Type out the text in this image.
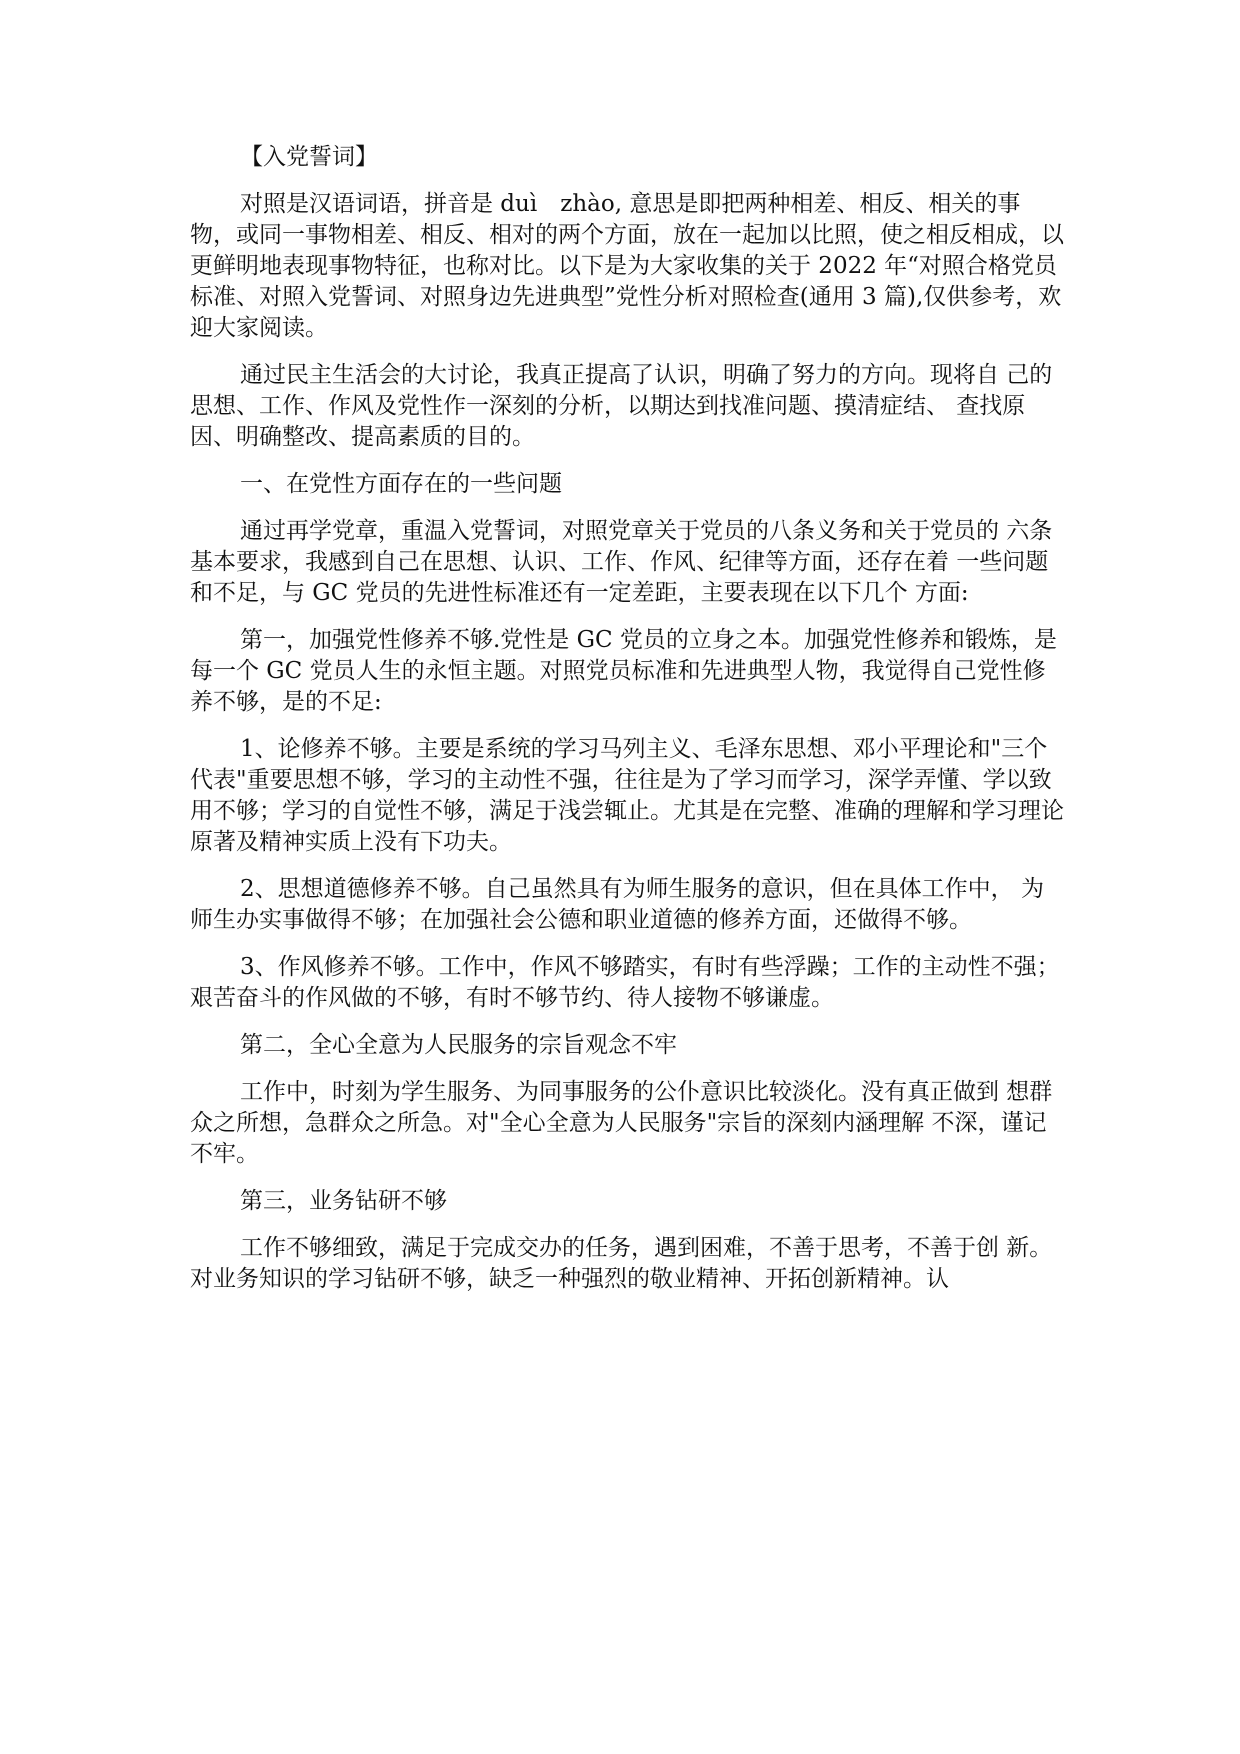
【入党誓词】

对照是汉语词语，拼音是 duì　zhào, 意思是即把两种相差、相反、相关的事物，或同一事物相差、相反、相对的两个方面，放在一起加以比照，使之相反相成，以更鲜明地表现事物特征，也称对比。以下是为大家收集的关于 2022 年“对照合格党员标准、对照入党誓词、对照身边先进典型”党性分析对照检查(通用 3 篇),仅供参考，欢迎大家阅读。

通过民主生活会的大讨论，我真正提高了认识，明确了努力的方向。现将自 己的思想、工作、作风及党性作一深刻的分析，以期达到找准问题、摸清症结、 查找原因、明确整改、提高素质的目的。

一、在党性方面存在的一些问题

通过再学党章，重温入党誓词，对照党章关于党员的八条义务和关于党员的 六条基本要求，我感到自己在思想、认识、工作、作风、纪律等方面，还存在着 一些问题和不足，与 GC 党员的先进性标准还有一定差距，主要表现在以下几个 方面:

第一，加强党性修养不够.党性是 GC 党员的立身之本。加强党性修养和锻炼，是每一个 GC 党员人生的永恒主题。对照党员标准和先进典型人物，我觉得自己党性修养不够，是的不足:

1、论修养不够。主要是系统的学习马列主义、毛泽东思想、邓小平理论和"三个代表"重要思想不够，学习的主动性不强，往往是为了学习而学习，深学弄懂、学以致用不够；学习的自觉性不够，满足于浅尝辄止。尤其是在完整、准确的理解和学习理论原著及精神实质上没有下功夫。

2、思想道德修养不够。自己虽然具有为师生服务的意识，但在具体工作中， 为师生办实事做得不够；在加强社会公德和职业道德的修养方面，还做得不够。

3、作风修养不够。工作中，作风不够踏实，有时有些浮躁；工作的主动性不强；艰苦奋斗的作风做的不够，有时不够节约、待人接物不够谦虚。

第二，全心全意为人民服务的宗旨观念不牢

工作中，时刻为学生服务、为同事服务的公仆意识比较淡化。没有真正做到 想群众之所想，急群众之所急。对"全心全意为人民服务"宗旨的深刻内涵理解 不深，谨记不牢。

第三，业务钻研不够

工作不够细致，满足于完成交办的任务，遇到困难，不善于思考，不善于创 新。对业务知识的学习钻研不够，缺乏一种强烈的敬业精神、开拓创新精神。认
